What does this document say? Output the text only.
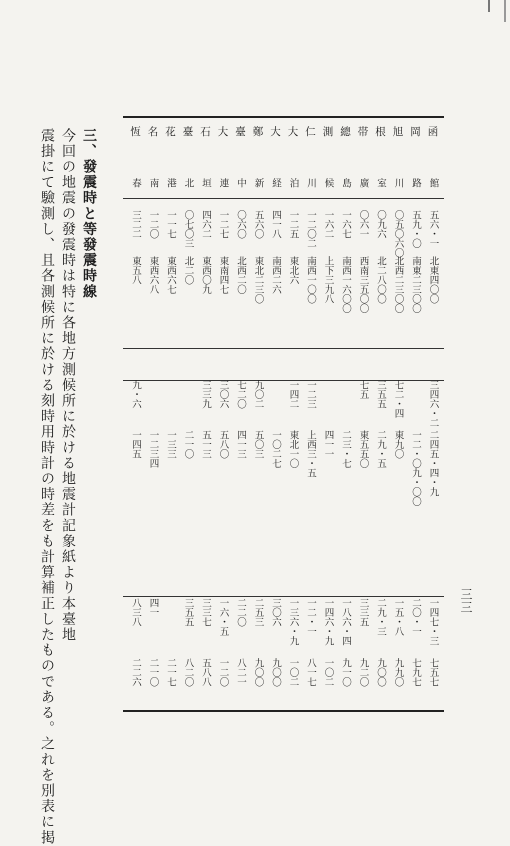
三三
三、發震時と等發震時線
今回の地震の發震時は特に各地方測候所に於ける地震計記象紙より本臺地
震掛にて驗測し、且各測候所に於ける刻時用時計の時差をも計算補正したものである。之れを別表に掲	函
岡
旭
根
帯
總
測
仁
大
大
鄭
臺
大
石
臺
花
名
恆
館
路
川
室
廣
島
候
川
泊
経
新
中
連
垣
北
港
南
春
五六・一
五九・〇
〇五〇六〇
〇九六
〇六一
一六七
一六二
一二〇二
一二五
四一八
五六〇
〇六〇
一二七
四六二
〇七〇三
一一七
一二〇
三二二
北東四〇〇
南東二三〇〇
北西二三〇〇
北二八〇〇
西南三五〇〇
南西一六〇〇
上下三九八
南西一〇〇
東北六
南西二六
東北二三〇
北西二〇
東南四七
東西〇九
北二〇
東西六七
東西六八
東五八
三四六・二
七二・四
三五五
七五
一二三
一四二
九〇二
七二〇
三〇六
三三九
九・六
二四五・四・九
一二・〇九・〇〇
東九〇
二九・五
東五五〇
二三・七
四一一
上西三・五
東北一〇
一〇二七
五〇三
四一三
五八〇
五一三
二一〇
一三三
一二三四
一四五
一四七・三
二〇・一
一五・八
二九・三
三三五
一八六・四
一四六・九
一二・一
一三六・九
三〇六
二五三
二二〇
一六・五
三三七
三五五
四一
八三八
七五七
七九七
九九〇
九〇〇
九二〇
九一〇
一〇二
八一七
一〇二
九〇〇
九〇〇
八二一
一二〇
五八八
八二〇
二一七
二一〇
二二六
